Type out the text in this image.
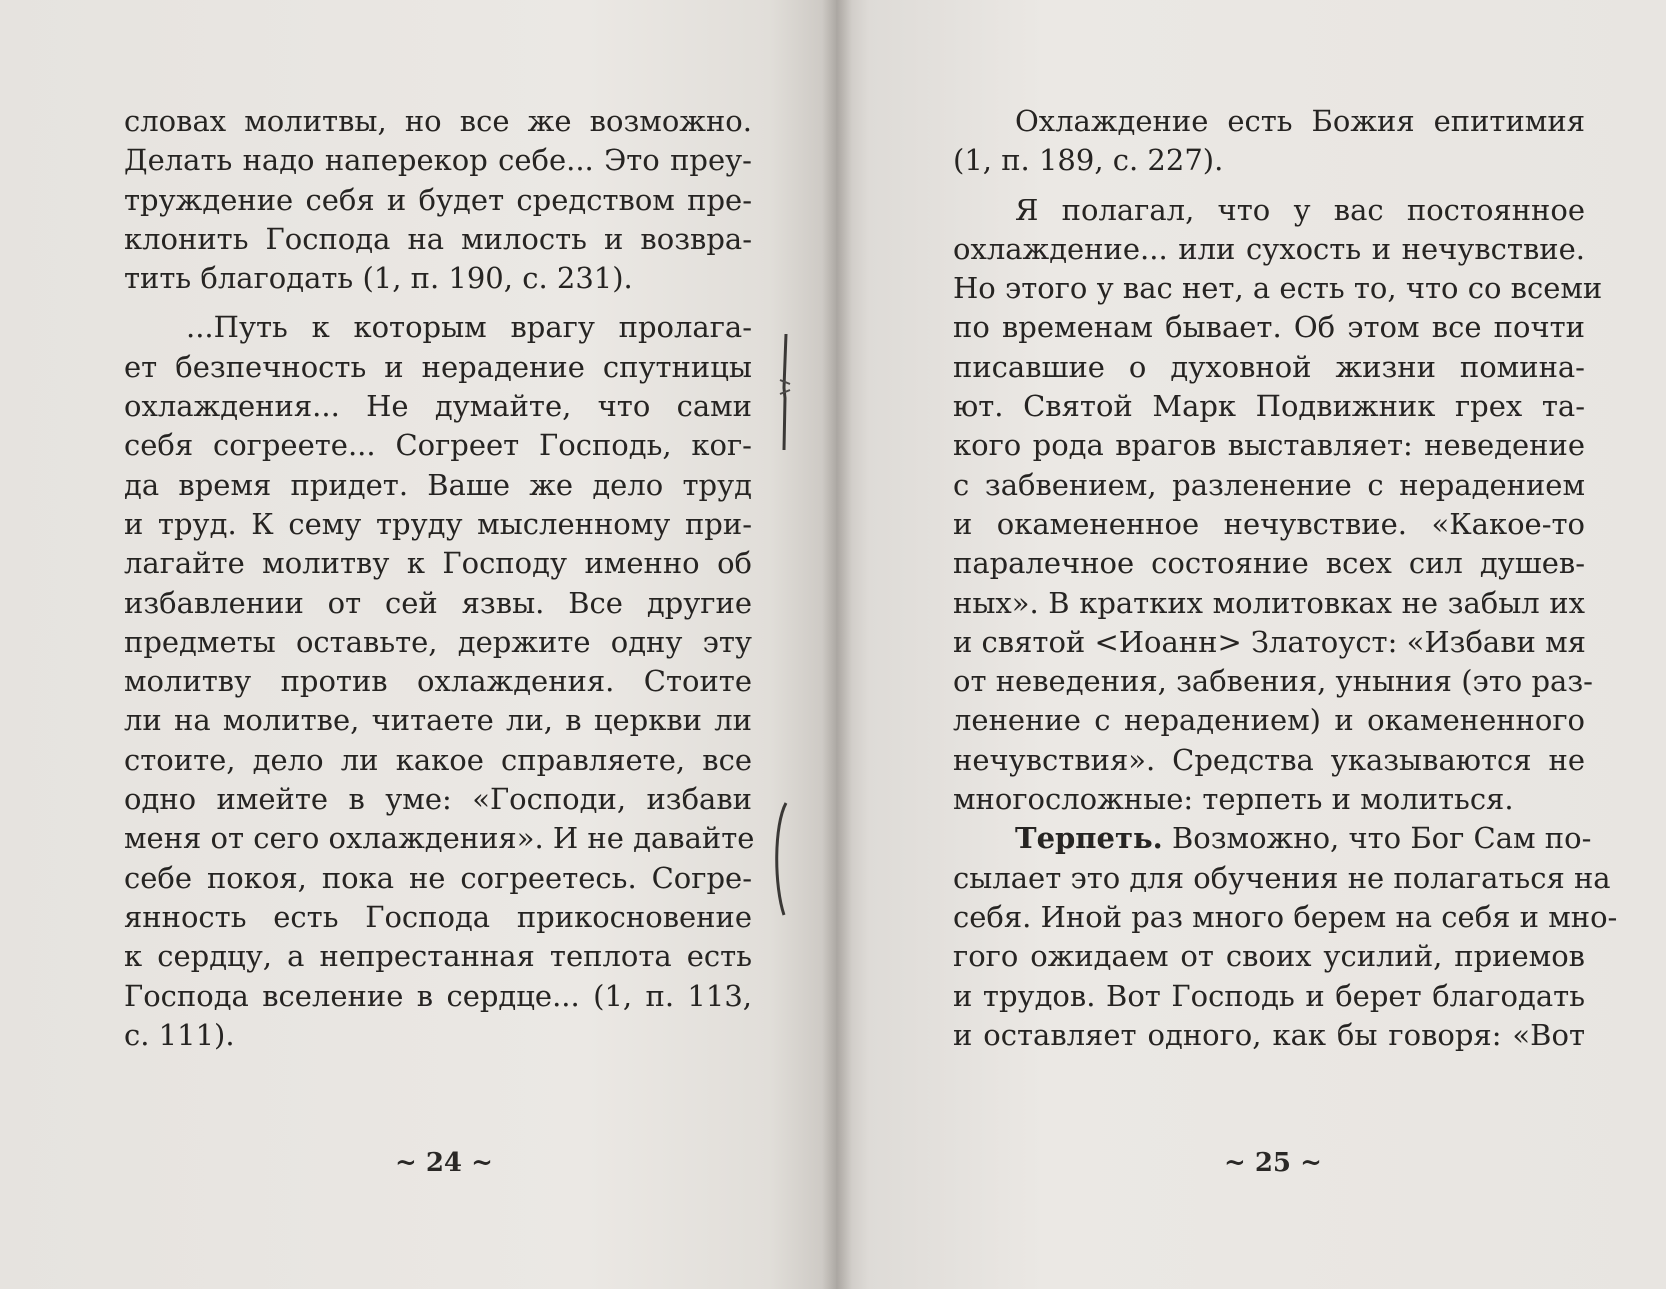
словах молитвы, но все же возможно.
Делать надо наперекор себе... Это преу-
труждение себя и будет средством пре-
клонить Господа на милость и возвра-
тить благодать (1, п. 190, с. 231).
...Путь к которым врагу пролага-
ет безпечность и нерадение спутницы
охлаждения... Не думайте, что сами
себя согреете... Согреет Господь, ког-
да время придет. Ваше же дело труд
и труд. К сему труду мысленному при-
лагайте молитву к Господу именно об
избавлении от сей язвы. Все другие
предметы оставьте, держите одну эту
молитву против охлаждения. Стоите
ли на молитве, читаете ли, в церкви ли
стоите, дело ли какое справляете, все
одно имейте в уме: «Господи, избави
меня от сего охлаждения». И не давайте
себе покоя, пока не согреетесь. Согре-
янность есть Господа прикосновение
к сердцу, а непрестанная теплота есть
Господа вселение в сердце... (1, п. 113,
с. 111).
Охлаждение есть Божия епитимия
(1, п. 189, с. 227).
Я полагал, что у вас постоянное
охлаждение... или сухость и нечувствие.
Но этого у вас нет, а есть то, что со всеми
по временам бывает. Об этом все почти
писавшие о духовной жизни помина-
ют. Святой Марк Подвижник грех та-
кого рода врагов выставляет: неведение
с забвением, разленение с нерадением
и окамененное нечувствие. «Какое-то
паралечное состояние всех сил душев-
ных». В кратких молитовках не забыл их
и святой <Иоанн> Златоуст: «Избави мя
от неведения, забвения, уныния (это раз-
ленение с нерадением) и окамененного
нечувствия». Средства указываются не
многосложные: терпеть и молиться.
Терпеть. Возможно, что Бог Сам по-
сылает это для обучения не полагаться на
себя. Иной раз много берем на себя и мно-
гого ожидаем от своих усилий, приемов
и трудов. Вот Господь и берет благодать
и оставляет одного, как бы говоря: «Вот
~ 24 ~	~ 25 ~
